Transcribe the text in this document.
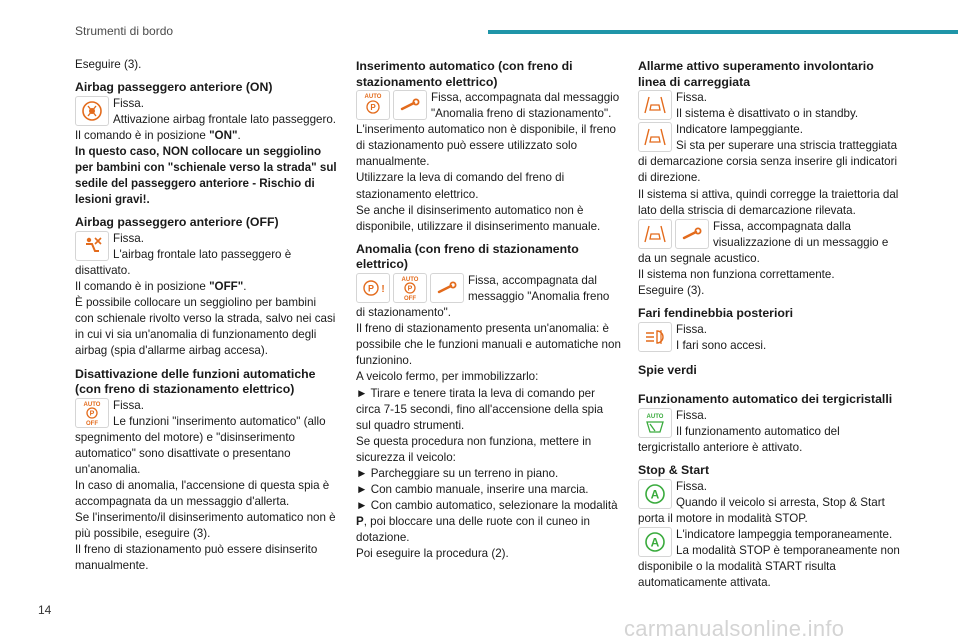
Strumenti di bordo

Eseguire (3).

Airbag passeggero anteriore (ON)

Fissa.

Attivazione airbag frontale lato passeggero.

Il comando è in posizione "ON".

In questo caso, NON collocare un seggiolino per bambini con "schienale verso la strada" sul sedile del passeggero anteriore - Rischio di lesioni gravi!.

Airbag passeggero anteriore (OFF)

Fissa.

L'airbag frontale lato passeggero è disattivato.

Il comando è in posizione "OFF".

È possibile collocare un seggiolino per bambini con schienale rivolto verso la strada, salvo nei casi in cui vi sia un'anomalia di funzionamento degli airbag (spia d'allarme airbag accesa).

Disattivazione delle funzioni automatiche (con freno di stazionamento elettrico)
AUTO
P
OFF

Fissa.

Le funzioni "inserimento automatico" (allo spegnimento del motore) e "disinserimento automatico" sono disattivate o presentano un'anomalia.

In caso di anomalia, l'accensione di questa spia è accompagnata da un messaggio d'allerta.

Se l'inserimento/il disinserimento automatico non è più possibile, eseguire (3).

Il freno di stazionamento può essere disinserito manualmente.

Inserimento automatico (con freno di stazionamento elettrico)
AUTO
P

Fissa, accompagnata dal messaggio "Anomalia freno di stazionamento".

L'inserimento automatico non è disponibile, il freno di stazionamento può essere utilizzato solo manualmente.

Utilizzare la leva di comando del freno di stazionamento elettrico.

Se anche il disinserimento automatico non è disponibile, utilizzare il disinserimento manuale.

Anomalia (con freno di stazionamento elettrico)
P !
AUTO
P
OFF

Fissa, accompagnata dal messaggio "Anomalia freno di stazionamento".

Il freno di stazionamento presenta un'anomalia: è possibile che le funzioni manuali e automatiche non funzionino.

A veicolo fermo, per immobilizzarlo:

► Tirare e tenere tirata la leva di comando per circa 7-15 secondi, fino all'accensione della spia sul quadro strumenti.

Se questa procedura non funziona, mettere in sicurezza il veicolo:

► Parcheggiare su un terreno in piano.

► Con cambio manuale, inserire una marcia.

► Con cambio automatico, selezionare la modalità P, poi bloccare una delle ruote con il cuneo in dotazione.

Poi eseguire la procedura (2).

Allarme attivo superamento involontario linea di carreggiata

Fissa.

Il sistema è disattivato o in standby.

Indicatore lampeggiante.

Si sta per superare una striscia tratteggiata di demarcazione corsia senza inserire gli indicatori di direzione.

Il sistema si attiva, quindi corregge la traiettoria dal lato della striscia di demarcazione rilevata.

Fissa, accompagnata dalla visualizzazione di un messaggio e da un segnale acustico.

Il sistema non funziona correttamente.

Eseguire (3).

Fari fendinebbia posteriori

Fissa.

I fari sono accesi.

Spie verdi
Funzionamento automatico dei tergicristalli
AUTO	Fissa.

Il funzionamento automatico del tergicristallo anteriore è attivato.

Stop & Start
A

Fissa.

Quando il veicolo si arresta, Stop & Start porta il motore in modalità STOP.

A

L'indicatore lampeggia temporaneamente.

La modalità STOP è temporaneamente non disponibile o la modalità START risulta automaticamente attivata.

14
carmanualsonline.info
